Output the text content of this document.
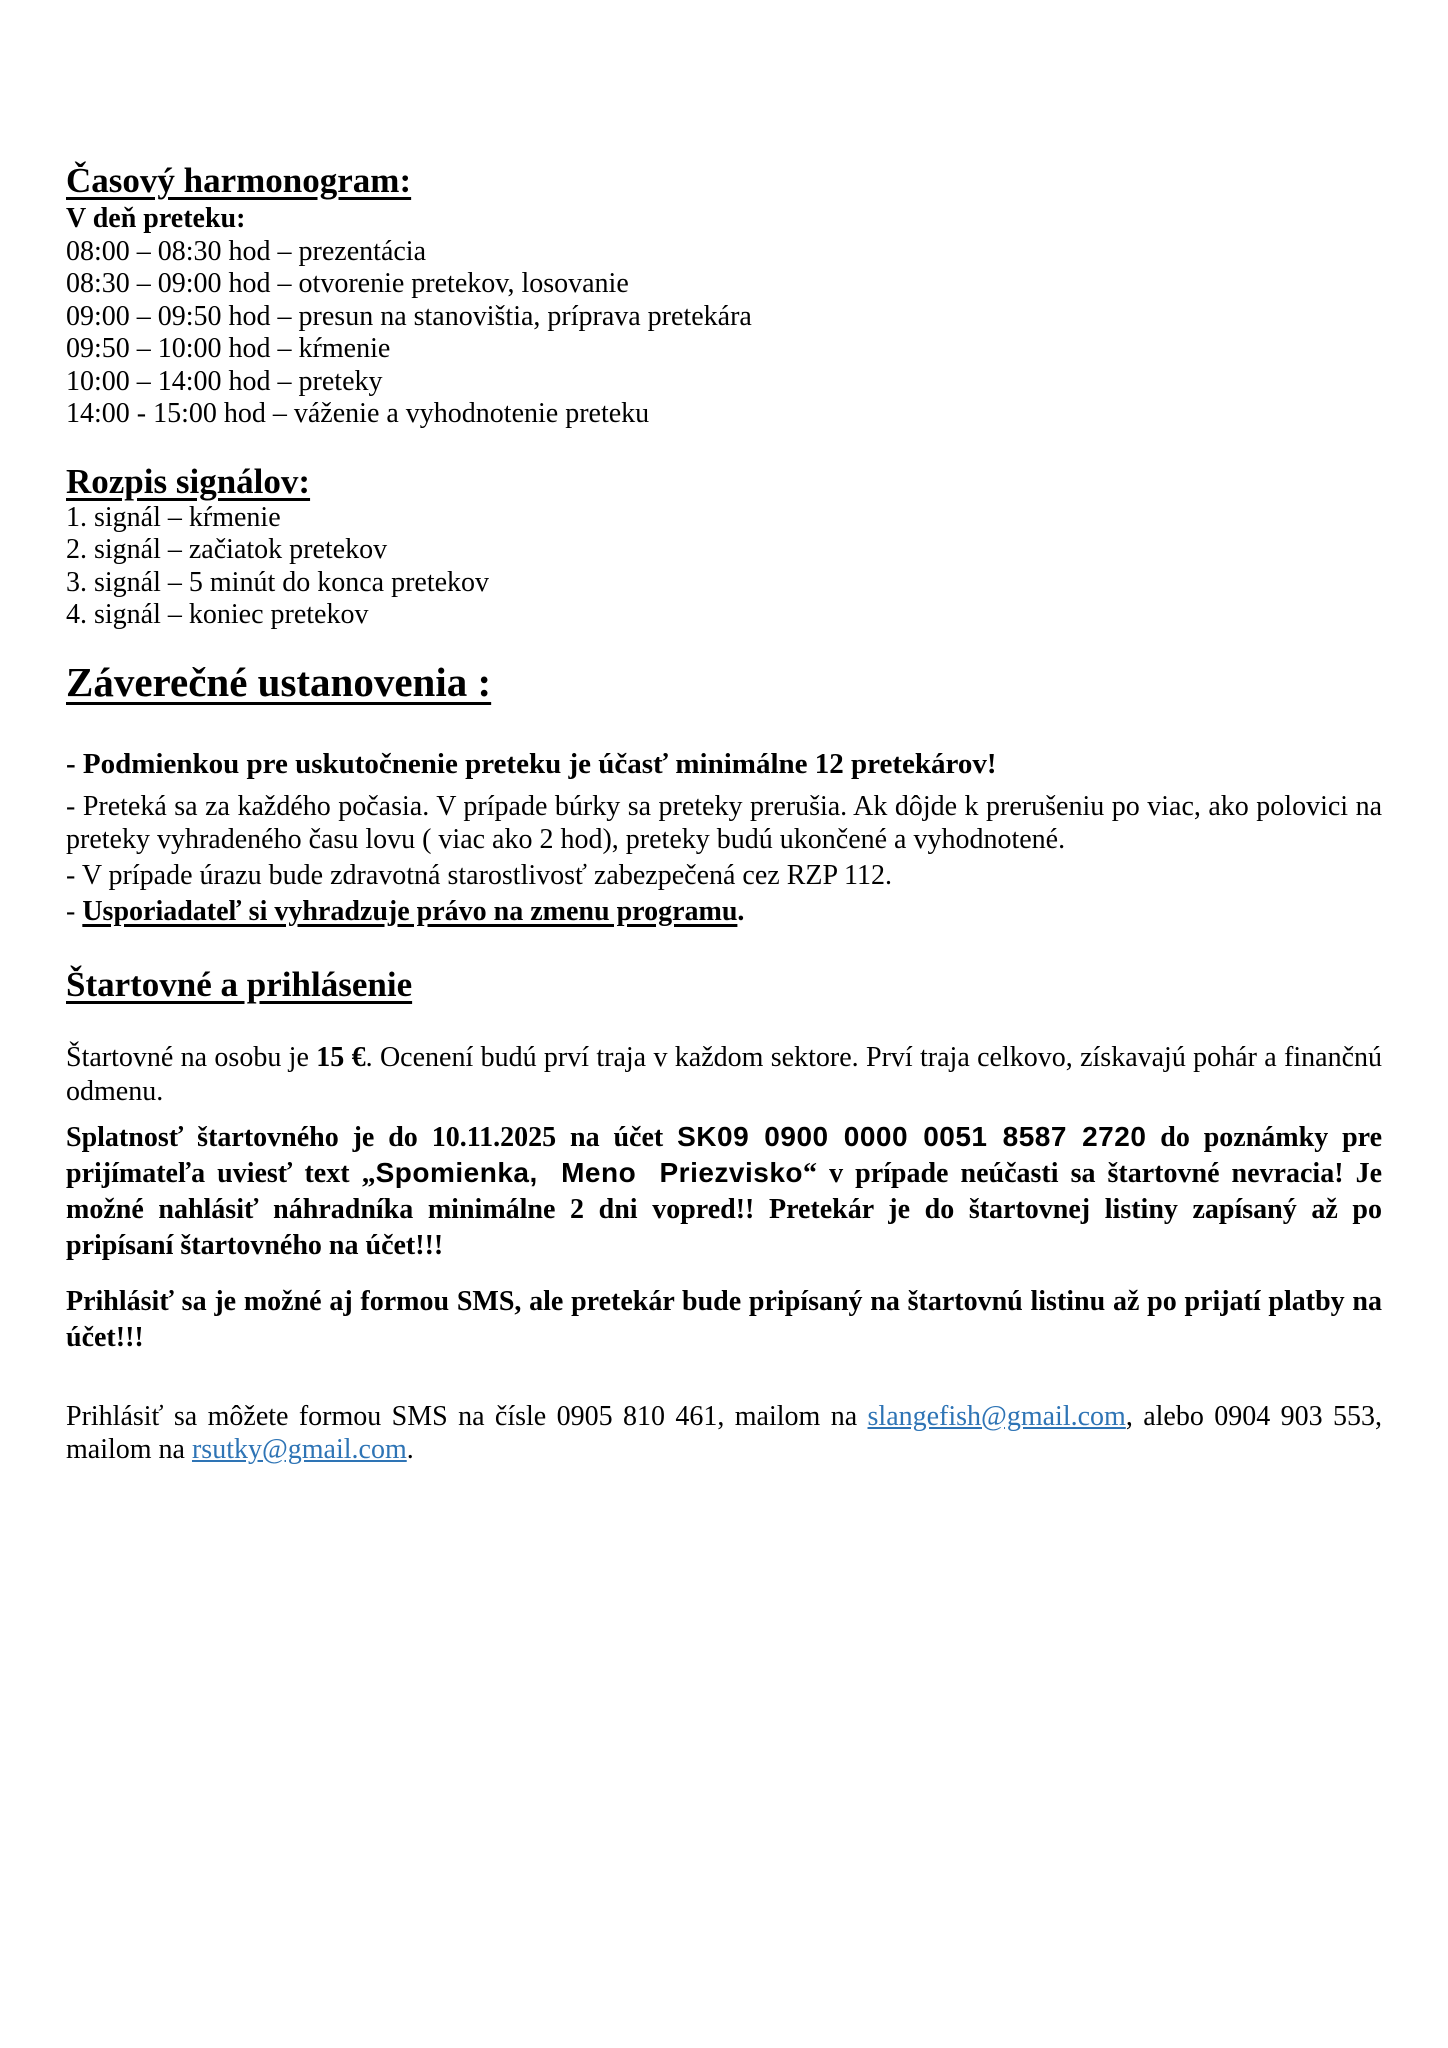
Časový harmonogram:
V deň preteku:
08:00 – 08:30 hod – prezentácia
08:30 – 09:00 hod – otvorenie pretekov, losovanie
09:00 – 09:50 hod – presun na stanovištia, príprava pretekára
09:50 – 10:00 hod – kŕmenie
10:00 – 14:00 hod – preteky
14:00 - 15:00 hod – váženie a vyhodnotenie preteku
Rozpis signálov:
1. signál – kŕmenie
2. signál – začiatok pretekov
3. signál – 5 minút do konca pretekov
4. signál – koniec pretekov
Záverečné ustanovenia :
- Podmienkou pre uskutočnenie preteku je účasť minimálne 12 pretekárov!
- Preteká sa za každého počasia. V prípade búrky sa preteky prerušia. Ak dôjde k prerušeniu po viac, ako polovici na preteky vyhradeného času lovu ( viac ako 2 hod), preteky budú ukončené a vyhodnotené.
- V prípade úrazu bude zdravotná starostlivosť zabezpečená cez RZP 112.
- Usporiadateľ si vyhradzuje právo na zmenu programu.
Štartovné a prihlásenie
Štartovné na osobu je 15 €. Ocenení budú prví traja v každom sektore. Prví traja celkovo, získavajú pohár a finančnú odmenu.
Splatnosť štartovného je do 10.11.2025 na účet SK09 0900 0000 0051 8587 2720 do poznámky pre prijímateľa uviesť text „Spomienka, Meno Priezvisko“ v prípade neúčasti sa štartovné nevracia! Je možné nahlásiť náhradníka minimálne 2 dni vopred!! Pretekár je do štartovnej listiny zapísaný až po pripísaní štartovného na účet!!!
Prihlásiť sa je možné aj formou SMS, ale pretekár bude pripísaný na štartovnú listinu až po prijatí platby na účet!!!
Prihlásiť sa môžete formou SMS na čísle 0905 810 461, mailom na slangefish@gmail.com, alebo 0904 903 553, mailom na rsutky@gmail.com.
